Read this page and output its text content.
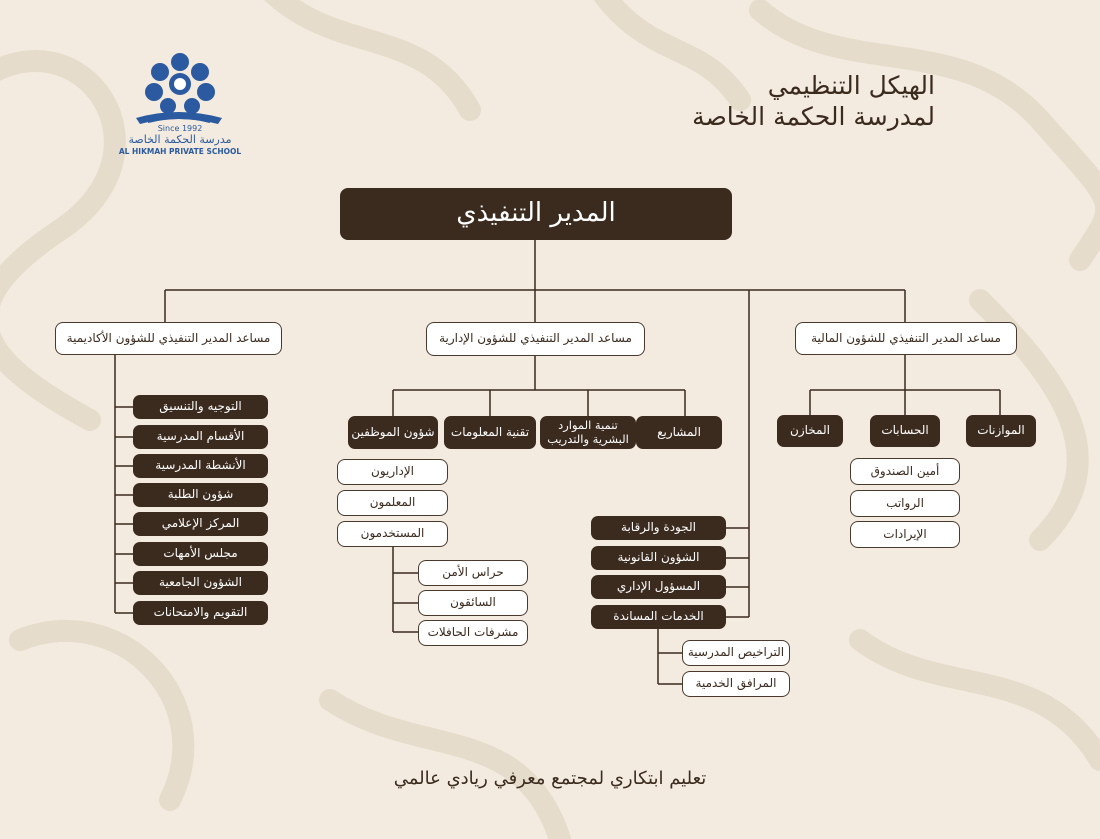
Since 1992
مدرسة الحكمة الخاصة
AL HIKMAH PRIVATE SCHOOL
الهيكل التنظيمي
لمدرسة الحكمة الخاصة
المدير التنفيذي
مساعد المدير التنفيذي للشؤون الأكاديمية	مساعد المدير التنفيذي للشؤون الإدارية	مساعد المدير التنفيذي للشؤون المالية
التوجيه والتنسيق
الأقسام المدرسية
الأنشطة المدرسية
شؤون الطلبة
المركز الإعلامي
مجلس الأمهات
الشؤون الجامعية
التقويم والامتحانات
شؤون الموظفين	تقنية المعلومات	تنمية الموارد البشرية والتدريب	المشاريع
الإداريون
المعلمون
المستخدمون
حراس الأمن
السائقون
مشرفات الحافلات
الجودة والرقابة
الشؤون القانونية
المسؤول الإداري
الخدمات المساندة
التراخيص المدرسية
المرافق الخدمية
المخازن	الحسابات	الموازنات
أمين الصندوق
الرواتب
الإيرادات
تعليم ابتكاري لمجتمع معرفي ريادي عالمي
